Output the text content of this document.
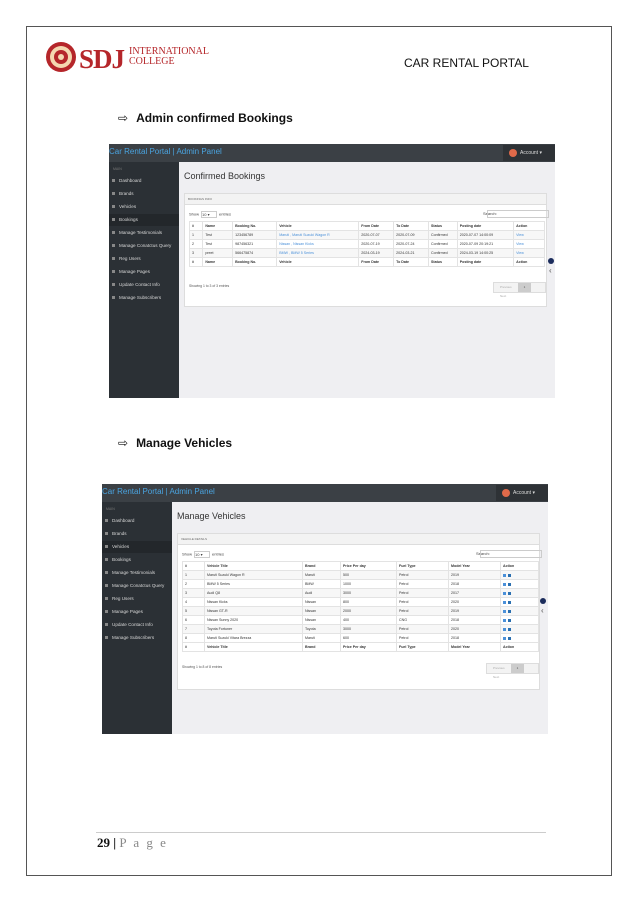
SDJ INTERNATIONAL
COLLEGE	CAR RENTAL PORTAL
⇨ Admin confirmed Bookings
Car Rental Portal | Admin Panel	Account ▾
MAIN
Dashboard
Brands
Vehicles
Bookings
Manage Testimonials
Manage Conatctus Query
Reg Users
Manage Pages
Update Contact Info
Manage Subscribers
Confirmed Bookings
BOOKINGS INFO
Show 10 ▾ entries	Search:
#	Name	Booking No.	Vehicle	From Date	To Date	Status	Posting date	Action
1	Test	123456789	Maruti , Maruti Suzuki Wagon R	2020-07-07	2020-07-09	Confirmed	2020-07-07 14:00:09	View
2	Test	987456321	Nissan , Nissan Kicks	2020-07-19	2020-07-24	Confirmed	2020-07-09 20:19:21	View
3	preet	566475874	BMW , BMW 5 Series	2024-03-19	2024-03-21	Confirmed	2024-03-19 14:00:25	View
#	Name	Booking No.	Vehicle	From Date	To Date	Status	Posting date	Action
Showing 1 to 3 of 3 entries	Previous	1Next
‹
⇨ Manage Vehicles
Car Rental Portal | Admin Panel	Account ▾
MAIN
Dashboard
Brands
Vehicles
Bookings
Manage Testimonials
Manage Conatctus Query
Reg Users
Manage Pages
Update Contact Info
Manage Subscribers
Manage Vehicles
VEHICLE DETAILS
Show 10 ▾ entries	Search:
#	Vehicle Title	Brand	Price Per day	Fuel Type	Model Year	Action
1	Maruti Suzuki Wagon R	Maruti	500	Petrol	2019	
2	BMW 5 Series	BMW	1000	Petrol	2018	
3	Audi Q8	Audi	3000	Petrol	2017	
4	Nissan Kicks	Nissan	800	Petrol	2020	
5	Nissan GT-R	Nissan	2000	Petrol	2019	
6	Nissan Sunny 2020	Nissan	400	CNG	2018	
7	Toyota Fortuner	Toyota	3000	Petrol	2020	
8	Maruti Suzuki Vitara Brezza	Maruti	600	Petrol	2018	
#	Vehicle Title	Brand	Price Per day	Fuel Type	Model Year	Action
Showing 1 to 8 of 8 entries	Previous	1Next
‹
29 | P a g e
